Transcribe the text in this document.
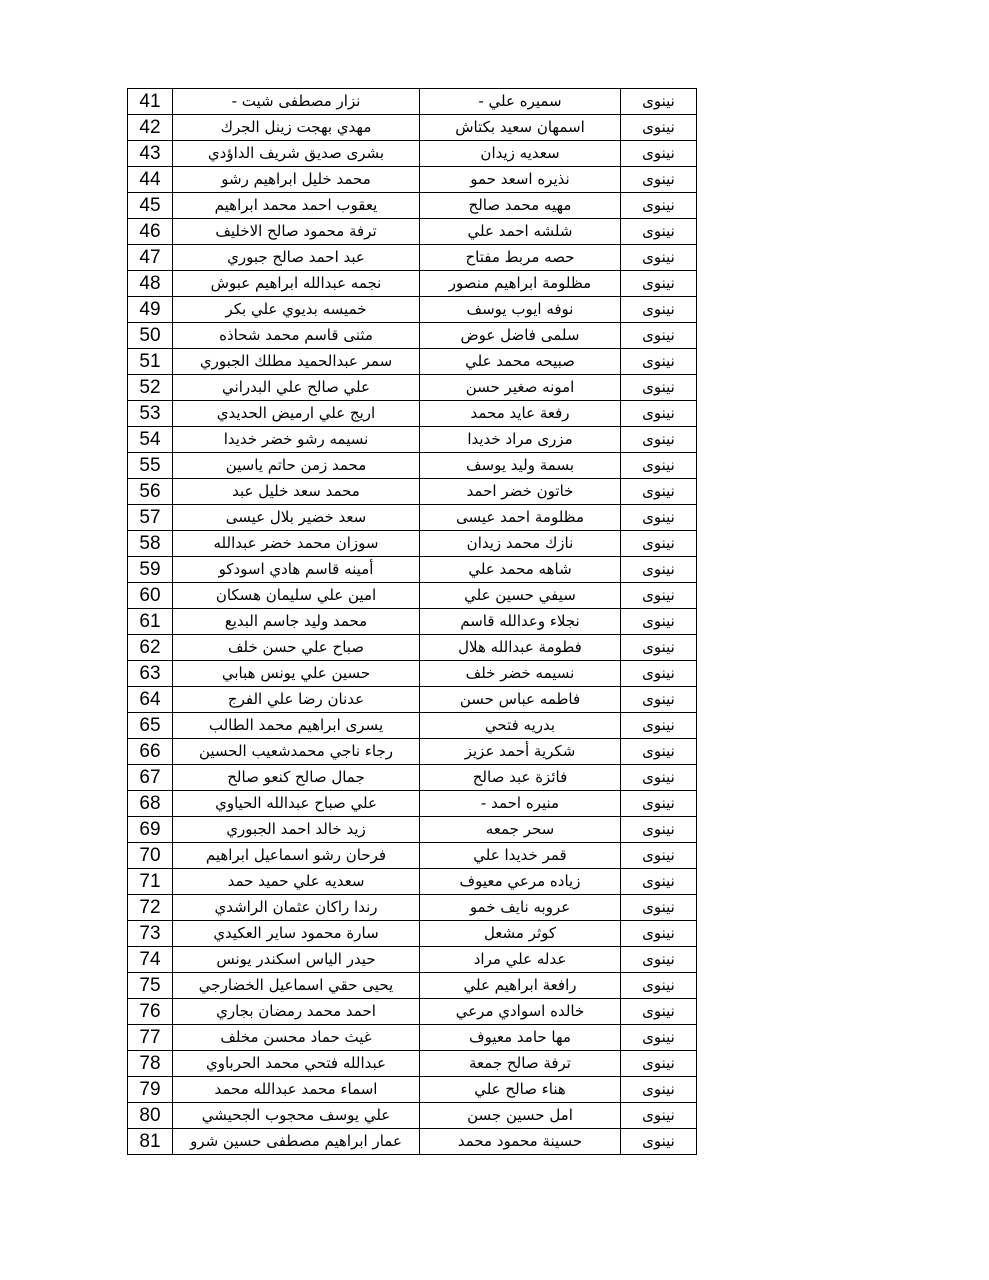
41	نزار مصطفى شيت -	سميره علي -	نينوى
42	مهدي بهجت زينل الجرك	اسمهان سعيد بكتاش	نينوى
43	بشرى صديق شريف الداؤدي	سعديه زيدان	نينوى
44	محمد خليل ابراهيم رشو	نذيره اسعد حمو	نينوى
45	يعقوب احمد محمد ابراهيم	مهيه محمد صالح	نينوى
46	ترفة محمود صالح الاخليف	شلشه احمد علي	نينوى
47	عبد احمد صالح جبوري	حصه مربط مفتاح	نينوى
48	نجمه عبدالله ابراهيم عبوش	مظلومة ابراهيم منصور	نينوى
49	خميسه بديوي علي بكر	نوفه ايوب يوسف	نينوى
50	مثنى قاسم محمد شحاذه	سلمى فاضل عوض	نينوى
51	سمر عبدالحميد مطلك الجبوري	صبيحه محمد علي	نينوى
52	علي صالح علي البدراني	امونه صغير حسن	نينوى
53	اريج علي ارميض الحديدي	رفعة عايد محمد	نينوى
54	نسيمه رشو خضر خديدا	مزرى مراد خديدا	نينوى
55	محمد زمن حاتم ياسين	بسمة وليد يوسف	نينوى
56	محمد سعد خليل عبد	خاتون خضر احمد	نينوى
57	سعد خضير بلال عيسى	مظلومة احمد عيسى	نينوى
58	سوزان محمد خضر عبدالله	نازك محمد زيدان	نينوى
59	أمينه قاسم هادي اسودكو	شاهه محمد علي	نينوى
60	امين علي سليمان هسكان	سيفي حسين علي	نينوى
61	محمد وليد جاسم البديع	نجلاء وعدالله قاسم	نينوى
62	صباح علي حسن خلف	فطومة عبدالله هلال	نينوى
63	حسين علي يونس هبابي	نسيمه خضر خلف	نينوى
64	عدنان رضا علي الفرج	فاطمه عباس حسن	نينوى
65	يسرى ابراهيم محمد الطالب	بدريه فتحي	نينوى
66	رجاء ناجي محمدشعيب الحسين	شكرية أحمد عزيز	نينوى
67	جمال صالح كنعو صالح	فائزة عبد صالح	نينوى
68	علي صباح عبدالله الحياوي	منيره احمد -	نينوى
69	زيد خالد احمد الجبوري	سحر جمعه	نينوى
70	فرحان رشو اسماعيل ابراهيم	قمر خديدا علي	نينوى
71	سعديه علي حميد حمد	زياده مرعي معيوف	نينوى
72	رندا راكان عثمان الراشدي	عروبه نايف خمو	نينوى
73	سارة محمود ساير العكيدي	كوثر مشعل	نينوى
74	حيدر الياس اسكندر يونس	عدله علي مراد	نينوى
75	يحيى حقي اسماعيل الخضارجي	رافعة ابراهيم علي	نينوى
76	احمد محمد رمضان بجاري	خالده اسوادي مرعي	نينوى
77	غيث حماد محسن مخلف	مها حامد معيوف	نينوى
78	عبدالله فتحي محمد الحرباوي	ترفة صالح جمعة	نينوى
79	اسماء محمد عبدالله محمد	هناء صالح علي	نينوى
80	علي يوسف محجوب الجحيشي	امل حسين جسن	نينوى
81	عمار ابراهيم مصطفى حسين شرو	حسينة محمود محمد	نينوى
